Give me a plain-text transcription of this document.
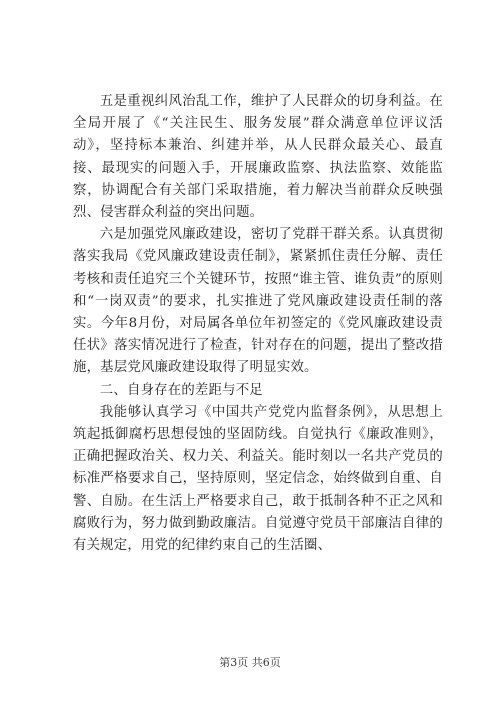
五是重视纠风治乱工作，维护了人民群众的切身利益。在全局开展了《“关注民生、服务发展”群众满意单位评议活动》，坚持标本兼治、纠建并举，从人民群众最关心、最直接、最现实的问题入手，开展廉政监察、执法监察、效能监察，协调配合有关部门采取措施，着力解决当前群众反映强烈、侵害群众利益的突出问题。

六是加强党风廉政建设，密切了党群干群关系。认真贯彻落实我局《党风廉政建设责任制》，紧紧抓住责任分解、责任考核和责任追究三个关键环节，按照“谁主管、谁负责”的原则和“一岗双责”的要求，扎实推进了党风廉政建设责任制的落实。今年8月份，对局属各单位年初签定的《党风廉政建设责任状》落实情况进行了检查，针对存在的问题，提出了整改措施，基层党风廉政建设取得了明显实效。

二、自身存在的差距与不足

我能够认真学习《中国共产党党内监督条例》，从思想上筑起抵御腐朽思想侵蚀的坚固防线。自觉执行《廉政准则》，正确把握政治关、权力关、利益关。能时刻以一名共产党员的标准严格要求自己，坚持原则，坚定信念，始终做到自重、自警、自励。在生活上严格要求自己，敢于抵制各种不正之风和腐败行为，努力做到勤政廉洁。自觉遵守党员干部廉洁自律的有关规定，用党的纪律约束自己的生活圈、

第3页 共6页
